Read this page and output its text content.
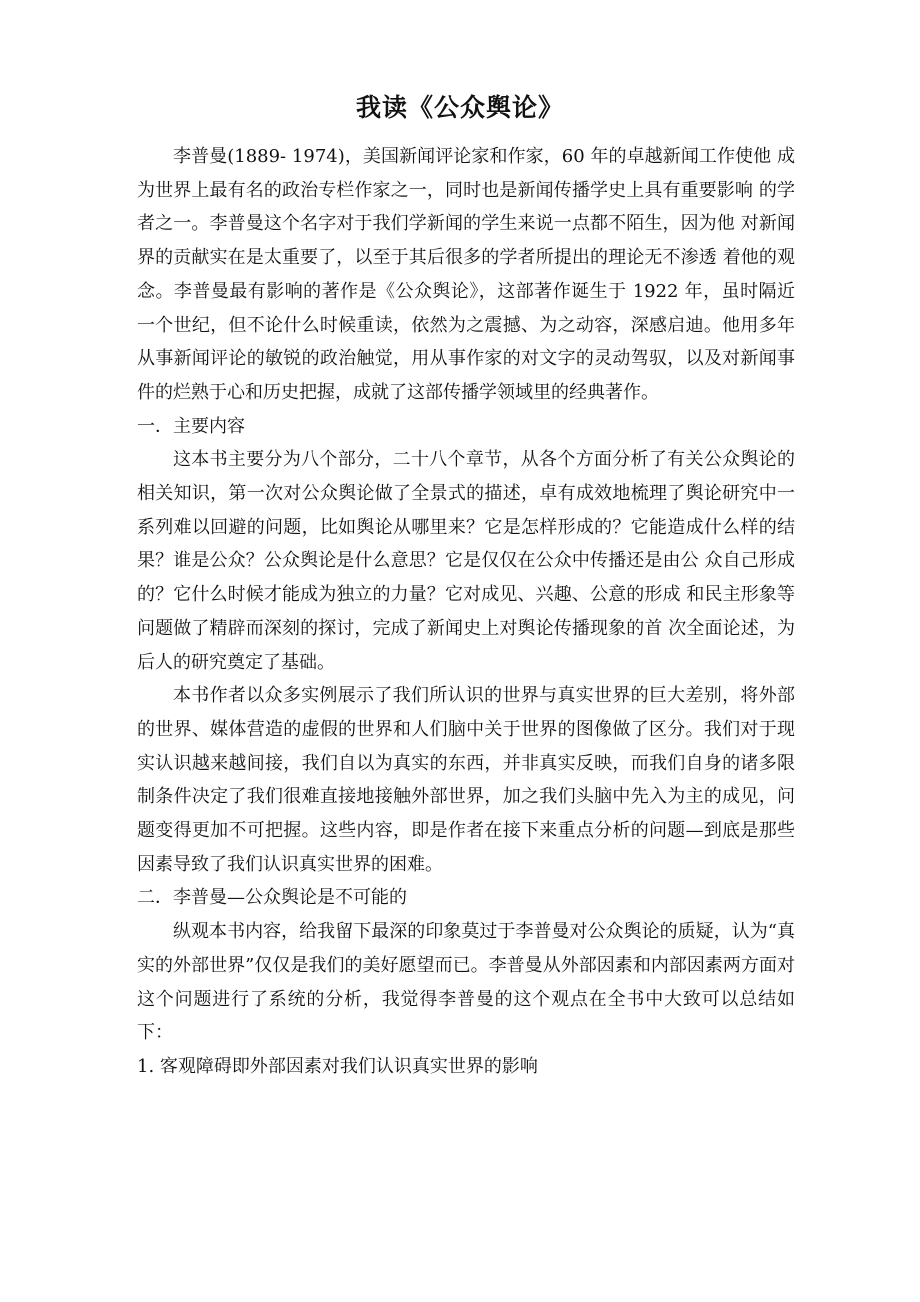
我读《公众舆论》

李普曼(1889- 1974)，美国新闻评论家和作家，60 年的卓越新闻工作使他 成为世界上最有名的政治专栏作家之一，同时也是新闻传播学史上具有重要影响 的学者之一。李普曼这个名字对于我们学新闻的学生来说一点都不陌生，因为他 对新闻界的贡献实在是太重要了，以至于其后很多的学者所提出的理论无不渗透 着他的观念。李普曼最有影响的著作是《公众舆论》，这部著作诞生于 1922 年，虽时隔近一个世纪，但不论什么时候重读，依然为之震撼、为之动容，深感启迪。他用多年从事新闻评论的敏锐的政治触觉，用从事作家的对文字的灵动驾驭，以及对新闻事件的烂熟于心和历史把握，成就了这部传播学领域里的经典著作。

一．主要内容

这本书主要分为八个部分，二十八个章节，从各个方面分析了有关公众舆论的相关知识，第一次对公众舆论做了全景式的描述，卓有成效地梳理了舆论研究中一系列难以回避的问题，比如舆论从哪里来？它是怎样形成的？它能造成什么样的结果？谁是公众？公众舆论是什么意思？它是仅仅在公众中传播还是由公 众自己形成的？它什么时候才能成为独立的力量？它对成见、兴趣、公意的形成 和民主形象等问题做了精辟而深刻的探讨，完成了新闻史上对舆论传播现象的首 次全面论述，为后人的研究奠定了基础。

本书作者以众多实例展示了我们所认识的世界与真实世界的巨大差别，将外部的世界、媒体营造的虚假的世界和人们脑中关于世界的图像做了区分。我们对于现实认识越来越间接，我们自以为真实的东西，并非真实反映，而我们自身的诸多限制条件决定了我们很难直接地接触外部世界，加之我们头脑中先入为主的成见，问题变得更加不可把握。这些内容，即是作者在接下来重点分析的问题—到底是那些因素导致了我们认识真实世界的困难。

二．李普曼—公众舆论是不可能的

纵观本书内容，给我留下最深的印象莫过于李普曼对公众舆论的质疑，认为“真实的外部世界”仅仅是我们的美好愿望而已。李普曼从外部因素和内部因素两方面对这个问题进行了系统的分析，我觉得李普曼的这个观点在全书中大致可以总结如下：

1. 客观障碍即外部因素对我们认识真实世界的影响
